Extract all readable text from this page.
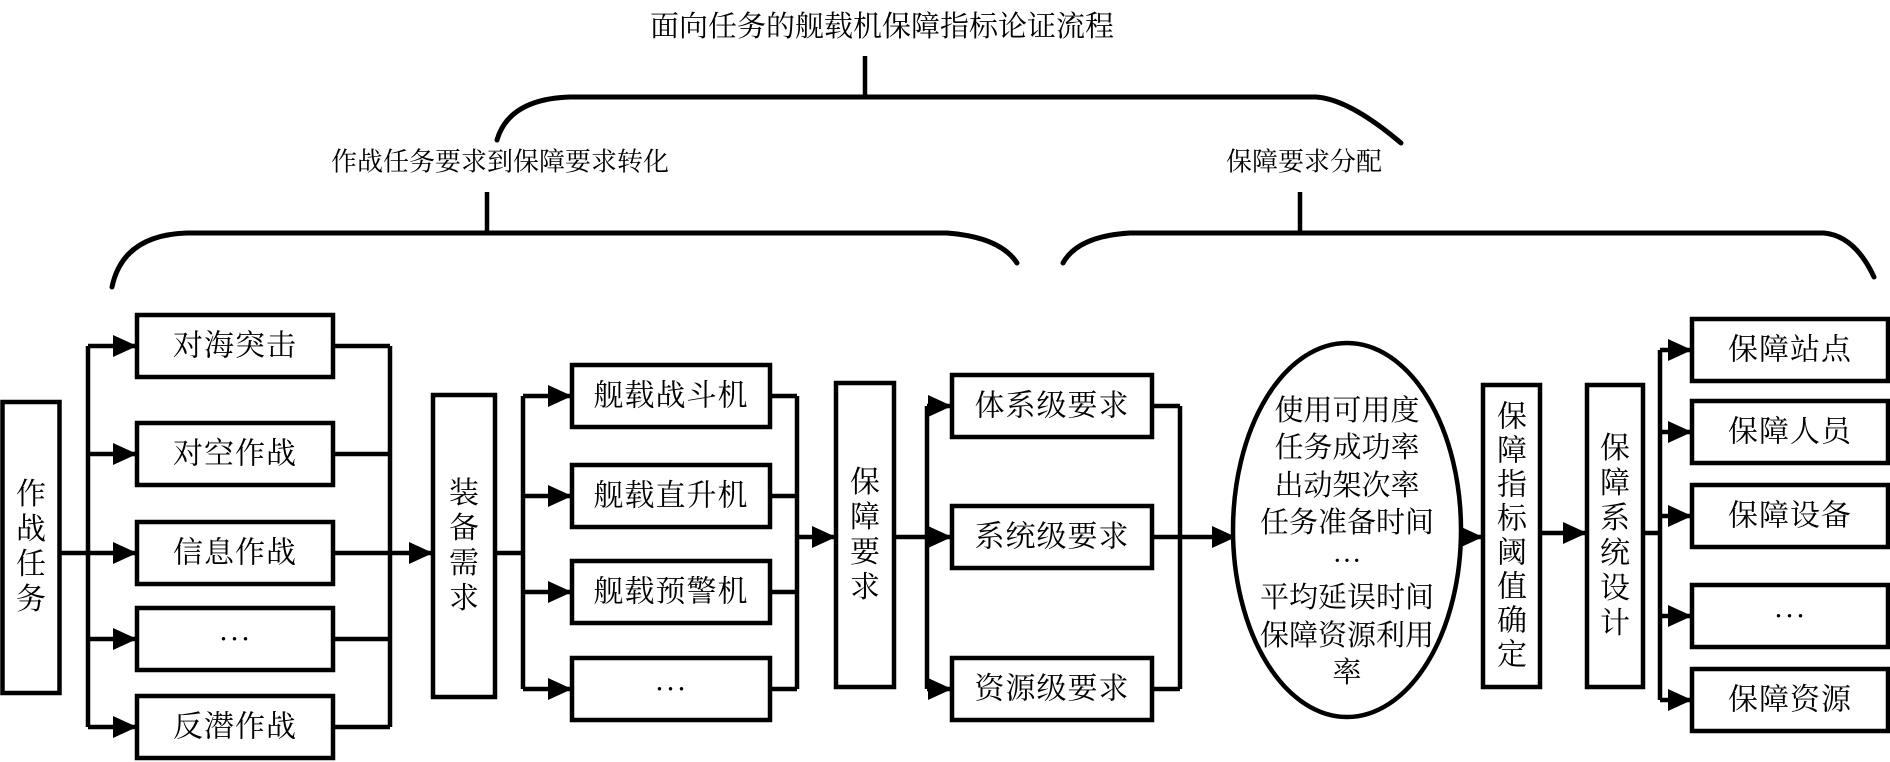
面向任务的舰载机保障指标论证流程
作战任务要求到保障要求转化	保障要求分配
作战任务
对海突击
对空作战
信息作战
···
反潜作战
装备需求
舰载战斗机
舰载直升机
舰载预警机
···
保障要求
体系级要求
系统级要求
资源级要求
使用可用度
任务成功率
出动架次率
任务准备时间
···
平均延误时间
保障资源利用
率
保障指标阈值确定
保障系统设计
保障站点
保障人员
保障设备
···
保障资源
